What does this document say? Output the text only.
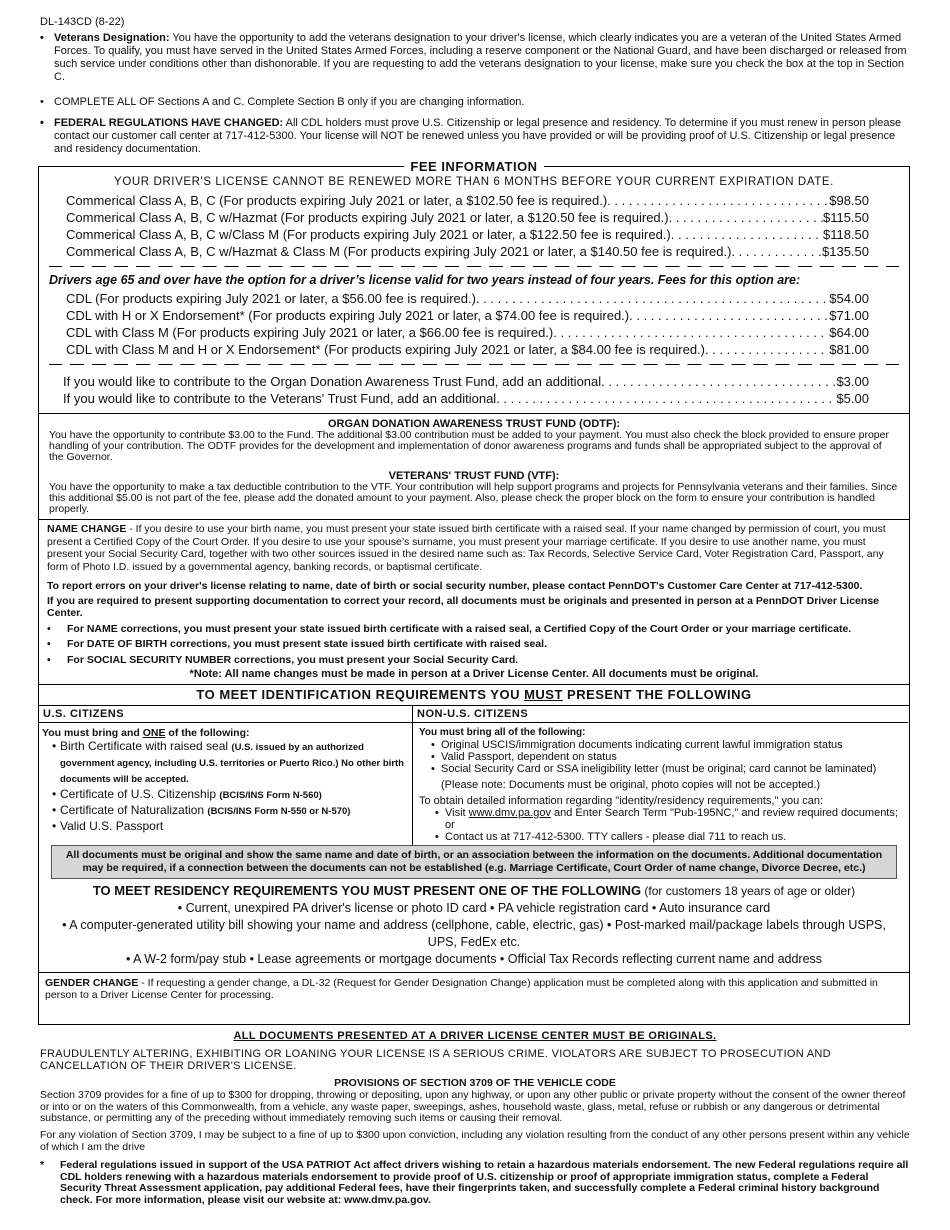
DL-143CD (8-22)
• Veterans Designation: You have the opportunity to add the veterans designation to your driver's license, which clearly indicates you are a veteran of the United States Armed Forces. To qualify, you must have served in the United States Armed Forces, including a reserve component or the National Guard, and have been discharged or released from such service under conditions other than dishonorable. If you are requesting to add the veterans designation to your license, make sure you check the box at the top in Section C.
• COMPLETE ALL OF Sections A and C. Complete Section B only if you are changing information.
• FEDERAL REGULATIONS HAVE CHANGED: All CDL holders must prove U.S. Citizenship or legal presence and residency. To determine if you must renew in person please contact our customer call center at 717-412-5300. Your license will NOT be renewed unless you have provided or will be providing proof of U.S. Citizenship or legal presence and residency documentation.
FEE INFORMATION
YOUR DRIVER'S LICENSE CANNOT BE RENEWED MORE THAN 6 MONTHS BEFORE YOUR CURRENT EXPIRATION DATE.
Commerical Class A, B, C (For products expiring July 2021 or later, a $102.50 fee is required.) . . .	$98.50
Commerical Class A, B, C w/Hazmat (For products expiring July 2021 or later, a $120.50 fee is required.) . . .	$115.50
Commerical Class A, B, C w/Class M (For products expiring July 2021 or later, a $122.50 fee is required.) . . .	$118.50
Commerical Class A, B, C w/Hazmat & Class M (For products expiring July 2021 or later, a $140.50 fee is required.) . . .	$135.50
Drivers age 65 and over have the option for a driver’s license valid for two years instead of four years. Fees for this option are:
CDL (For products expiring July 2021 or later, a $56.00 fee is required.) . . .	$54.00
CDL with H or X Endorsement* (For products expiring July 2021 or later, a $74.00 fee is required.) . . .	$71.00
CDL with Class M (For products expiring July 2021 or later, a $66.00 fee is required.) . . .	$64.00
CDL with Class M and H or X Endorsement* (For products expiring July 2021 or later, a $84.00 fee is required.) . . .	$81.00
If you would like to contribute to the Organ Donation Awareness Trust Fund, add an additional . . .	$3.00
If you would like to contribute to the Veterans' Trust Fund, add an additional . . .	$5.00
ORGAN DONATION AWARENESS TRUST FUND (ODTF):
You have the opportunity to contribute $3.00 to the Fund. The additional $3.00 contribution must be added to your payment. You must also check the block provided to ensure proper handling of your contribution. The ODTF provides for the development and implementation of donor awareness programs and funds shall be appropriated subject to the approval of the Governor.
VETERANS' TRUST FUND (VTF):
You have the opportunity to make a tax deductible contribution to the VTF. Your contribution will help support programs and projects for Pennsylvania veterans and their families. Since this additional $5.00 is not part of the fee, please add the donated amount to your payment. Also, please check the proper block on the form to ensure your contribution is handled properly.
NAME CHANGE - If you desire to use your birth name, you must present your state issued birth certificate with a raised seal. If your name changed by permission of court, you must present a Certified Copy of the Court Order. If you desire to use your spouse’s surname, you must present your marriage certificate. If you desire to use another name, you must present your Social Security Card, together with two other sources issued in the desired name such as: Tax Records, Selective Service Card, Voter Registration Card, Passport, any form of Photo I.D. issued by a governmental agency, banking records, or baptismal certificate.
To report errors on your driver's license relating to name, date of birth or social security number, please contact PennDOT's Customer Care Center at 717-412-5300.
If you are required to present supporting documentation to correct your record, all documents must be originals and presented in person at a PennDOT Driver License Center.
•	For NAME corrections, you must present your state issued birth certificate with a raised seal, a Certified Copy of the Court Order or your marriage certificate.
•	For DATE OF BIRTH corrections, you must present state issued birth certificate with raised seal.
•	For SOCIAL SECURITY NUMBER corrections, you must present your Social Security Card.
*Note: All name changes must be made in person at a Driver License Center. All documents must be original.
TO MEET IDENTIFICATION REQUIREMENTS YOU MUST PRESENT THE FOLLOWING
U.S. CITIZENS
You must bring and ONE of the following:
• Birth Certificate with raised seal (U.S. issued by an authorized government agency, including U.S. territories or Puerto Rico.) No other birth documents will be accepted.
• Certificate of U.S. Citizenship (BCIS/INS Form N-560)
• Certificate of Naturalization (BCIS/INS Form N-550 or N-570)
• Valid U.S. Passport
NON-U.S. CITIZENS
You must bring all of the following:
• Original USCIS/immigration documents indicating current lawful immigration status
• Valid Passport, dependent on status
• Social Security Card or SSA ineligibility letter (must be original; card cannot be laminated)
(Please note: Documents must be original, photo copies will not be accepted.)
To obtain detailed information regarding "identity/residency requirements," you can:
• Visit www.dmv.pa.gov and Enter Search Term "Pub-195NC," and review required documents; or
• Contact us at 717-412-5300. TTY callers - please dial 711 to reach us.
All documents must be original and show the same name and date of birth, or an association between the information on the documents. Additional documentation may be required, if a connection between the documents can not be established (e.g. Marriage Certificate, Court Order of name change, Divorce Decree, etc.)
TO MEET RESIDENCY REQUIREMENTS YOU MUST PRESENT ONE OF THE FOLLOWING (for customers 18 years of age or older)
• Current, unexpired PA driver's license or photo ID card • PA vehicle registration card • Auto insurance card
• A computer-generated utility bill showing your name and address (cellphone, cable, electric, gas) • Post-marked mail/package labels through USPS, UPS, FedEx etc.
• A W-2 form/pay stub • Lease agreements or mortgage documents • Official Tax Records reflecting current name and address
GENDER CHANGE - If requesting a gender change, a DL-32 (Request for Gender Designation Change) application must be completed along with this application and submitted in person to a Driver License Center for processing.
ALL DOCUMENTS PRESENTED AT A DRIVER LICENSE CENTER MUST BE ORIGINALS.
FRAUDULENTLY ALTERING, EXHIBITING OR LOANING YOUR LICENSE IS A SERIOUS CRIME. VIOLATORS ARE SUBJECT TO PROSECUTION AND CANCELLATION OF THEIR DRIVER'S LICENSE.
PROVISIONS OF SECTION 3709 OF THE VEHICLE CODE
Section 3709 provides for a fine of up to $300 for dropping, throwing or depositing, upon any highway, or upon any other public or private property without the consent of the owner thereof or into or on the waters of this Commonwealth, from a vehicle, any waste paper, sweepings, ashes, household waste, glass, metal, refuse or rubbish or any dangerous or detrimental substance, or permitting any of the preceding without immediately removing such items or causing their removal.
For any violation of Section 3709, I may be subject to a fine of up to $300 upon conviction, including any violation resulting from the conduct of any other persons present within any vehicle of which I am the drive
*	Federal regulations issued in support of the USA PATRIOT Act affect drivers wishing to retain a hazardous materials endorsement. The new Federal regulations require all CDL holders renewing with a hazardous materials endorsement to provide proof of U.S. citizenship or proof of appropriate immigration status, complete a Federal Security Threat Assessment application, pay additional Federal fees, have their fingerprints taken, and successfully complete a Federal criminal history background check. For more information, please visit our website at: www.dmv.pa.gov.
